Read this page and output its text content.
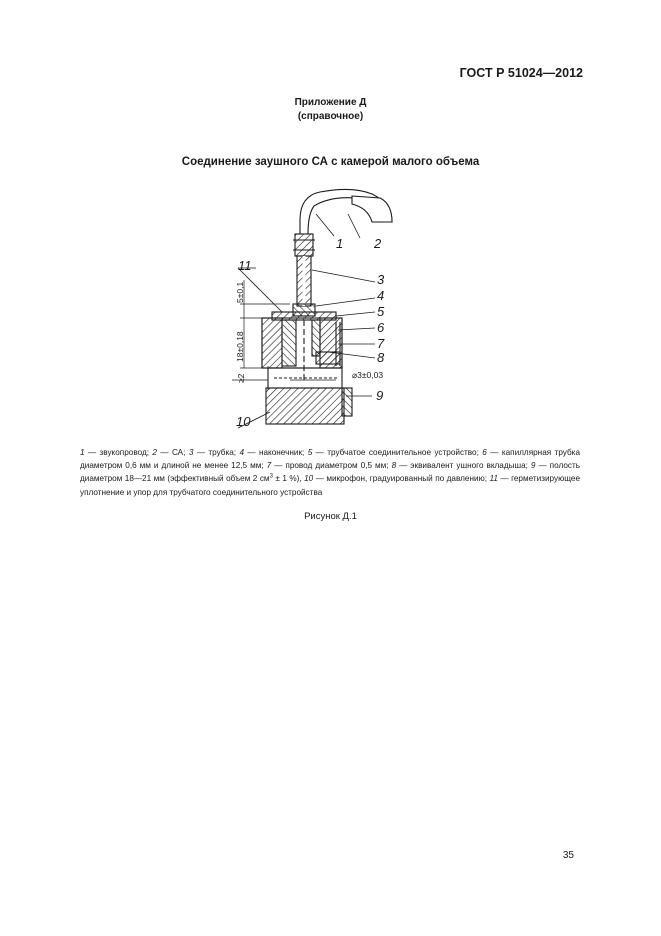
ГОСТ Р 51024—2012
Приложение Д
(справочное)
Соединение заушного СА с камерой малого объема
1 2
3
4
5
6
7
8
9
10
11
5±0,1
18±0,18
≥2	⌀3±0,03
1 — звукопровод; 2 — СА; 3 — трубка; 4 — наконечник; 5 — трубчатое соединительное устройство; 6 — капиллярная трубка диаметром 0,6 мм и длиной не менее 12,5 мм; 7 — провод диаметром 0,5 мм; 8 — эквивалент ушного вкладыша; 9 — полость диаметром 18—21 мм (эффективный объем 2 $см^3 \pm 1$ %), 10 — микрофон, градуированный по давлению; 11 — герметизирующее уплотнение и упор для трубчатого соединительного устройства
Рисунок Д.1
35
